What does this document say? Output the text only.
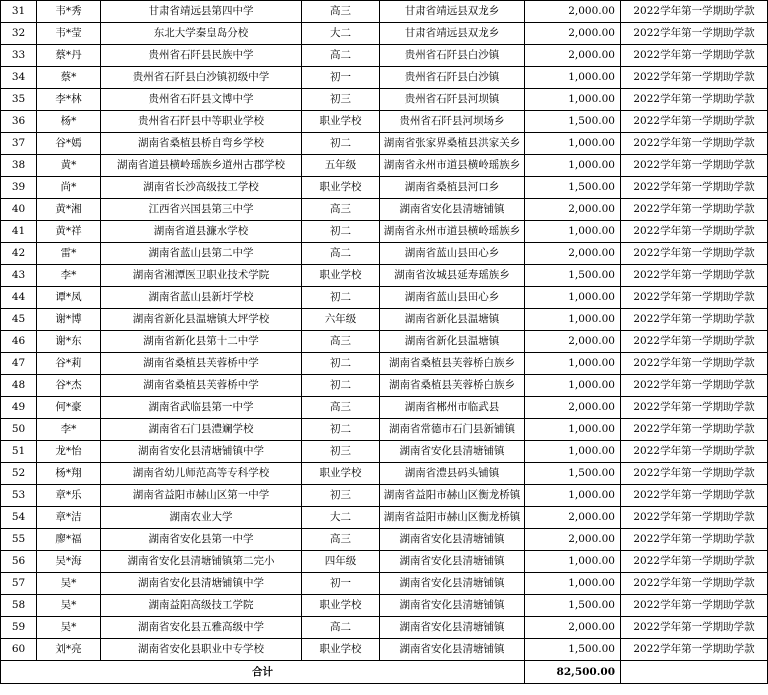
31	韦*秀	甘肃省靖远县第四中学	高三	甘肃省靖远县双龙乡	2,000.00	2022学年第一学期助学款
32	韦*莹	东北大学秦皇岛分校	大二	甘肃省靖远县双龙乡	2,000.00	2022学年第一学期助学款
33	蔡*丹	贵州省石阡县民族中学	高二	贵州省石阡县白沙镇	2,000.00	2022学年第一学期助学款
34	蔡*	贵州省石阡县白沙镇初级中学	初一	贵州省石阡县白沙镇	1,000.00	2022学年第一学期助学款
35	李*林	贵州省石阡县文博中学	初三	贵州省石阡县河坝镇	1,000.00	2022学年第一学期助学款
36	杨*	贵州省石阡县中等职业学校	职业学校	贵州省石阡县河坝场乡	1,500.00	2022学年第一学期助学款
37	谷*嫣	湖南省桑植县桥自弯乡学校	初二	湖南省张家界桑植县洪家关乡	1,000.00	2022学年第一学期助学款
38	黄*	湖南省道县横岭瑶族乡道州古郡学校	五年级	湖南省永州市道县横岭瑶族乡	1,000.00	2022学年第一学期助学款
39	尚*	湖南省长沙高级技工学校	职业学校	湖南省桑植县河口乡	1,500.00	2022学年第一学期助学款
40	黄*湘	江西省兴国县第三中学	高三	湖南省安化县清塘铺镇	2,000.00	2022学年第一学期助学款
41	黄*祥	湖南省道县濂水学校	初二	湖南省永州市道县横岭瑶族乡	1,000.00	2022学年第一学期助学款
42	雷*	湖南省蓝山县第二中学	高二	湖南省蓝山县田心乡	2,000.00	2022学年第一学期助学款
43	李*	湖南省湘潭医卫职业技术学院	职业学校	湖南省汝城县延寿瑶族乡	1,500.00	2022学年第一学期助学款
44	谭*凤	湖南省蓝山县新圩学校	初二	湖南省蓝山县田心乡	1,000.00	2022学年第一学期助学款
45	谢*博	湖南省新化县温塘镇大坪学校	六年级	湖南省新化县温塘镇	1,000.00	2022学年第一学期助学款
46	谢*东	湖南省新化县第十二中学	高三	湖南省新化县温塘镇	2,000.00	2022学年第一学期助学款
47	谷*莉	湖南省桑植县芙蓉桥中学	初二	湖南省桑植县芙蓉桥白族乡	1,000.00	2022学年第一学期助学款
48	谷*杰	湖南省桑植县芙蓉桥中学	初二	湖南省桑植县芙蓉桥白族乡	1,000.00	2022学年第一学期助学款
49	何*豪	湖南省武临县第一中学	高三	湖南省郴州市临武县	2,000.00	2022学年第一学期助学款
50	李*	湖南省石门县澧斓学校	初二	湖南省常德市石门县新铺镇	1,000.00	2022学年第一学期助学款
51	龙*怡	湖南省安化县清塘铺镇中学	初三	湖南省安化县清塘铺镇	1,000.00	2022学年第一学期助学款
52	杨*翔	湖南省幼儿师范高等专科学校	职业学校	湖南省澧县码头铺镇	1,500.00	2022学年第一学期助学款
53	章*乐	湖南省益阳市赫山区第一中学	初三	湖南省益阳市赫山区衡龙桥镇	1,000.00	2022学年第一学期助学款
54	章*洁	湖南农业大学	大二	湖南省益阳市赫山区衡龙桥镇	2,000.00	2022学年第一学期助学款
55	廖*福	湖南省安化县第一中学	高三	湖南省安化县清塘铺镇	2,000.00	2022学年第一学期助学款
56	吴*海	湖南省安化县清塘铺镇第二完小	四年级	湖南省安化县清塘铺镇	1,000.00	2022学年第一学期助学款
57	吴*	湖南省安化县清塘铺镇中学	初一	湖南省安化县清塘铺镇	1,000.00	2022学年第一学期助学款
58	吴*	湖南益阳高级技工学院	职业学校	湖南省安化县清塘铺镇	1,500.00	2022学年第一学期助学款
59	吴*	湖南省安化县五雅高级中学	高二	湖南省安化县清塘铺镇	2,000.00	2022学年第一学期助学款
60	刘*亮	湖南省安化县职业中专学校	职业学校	湖南省安化县清塘铺镇	1,500.00	2022学年第一学期助学款
合计					82,500.00	
